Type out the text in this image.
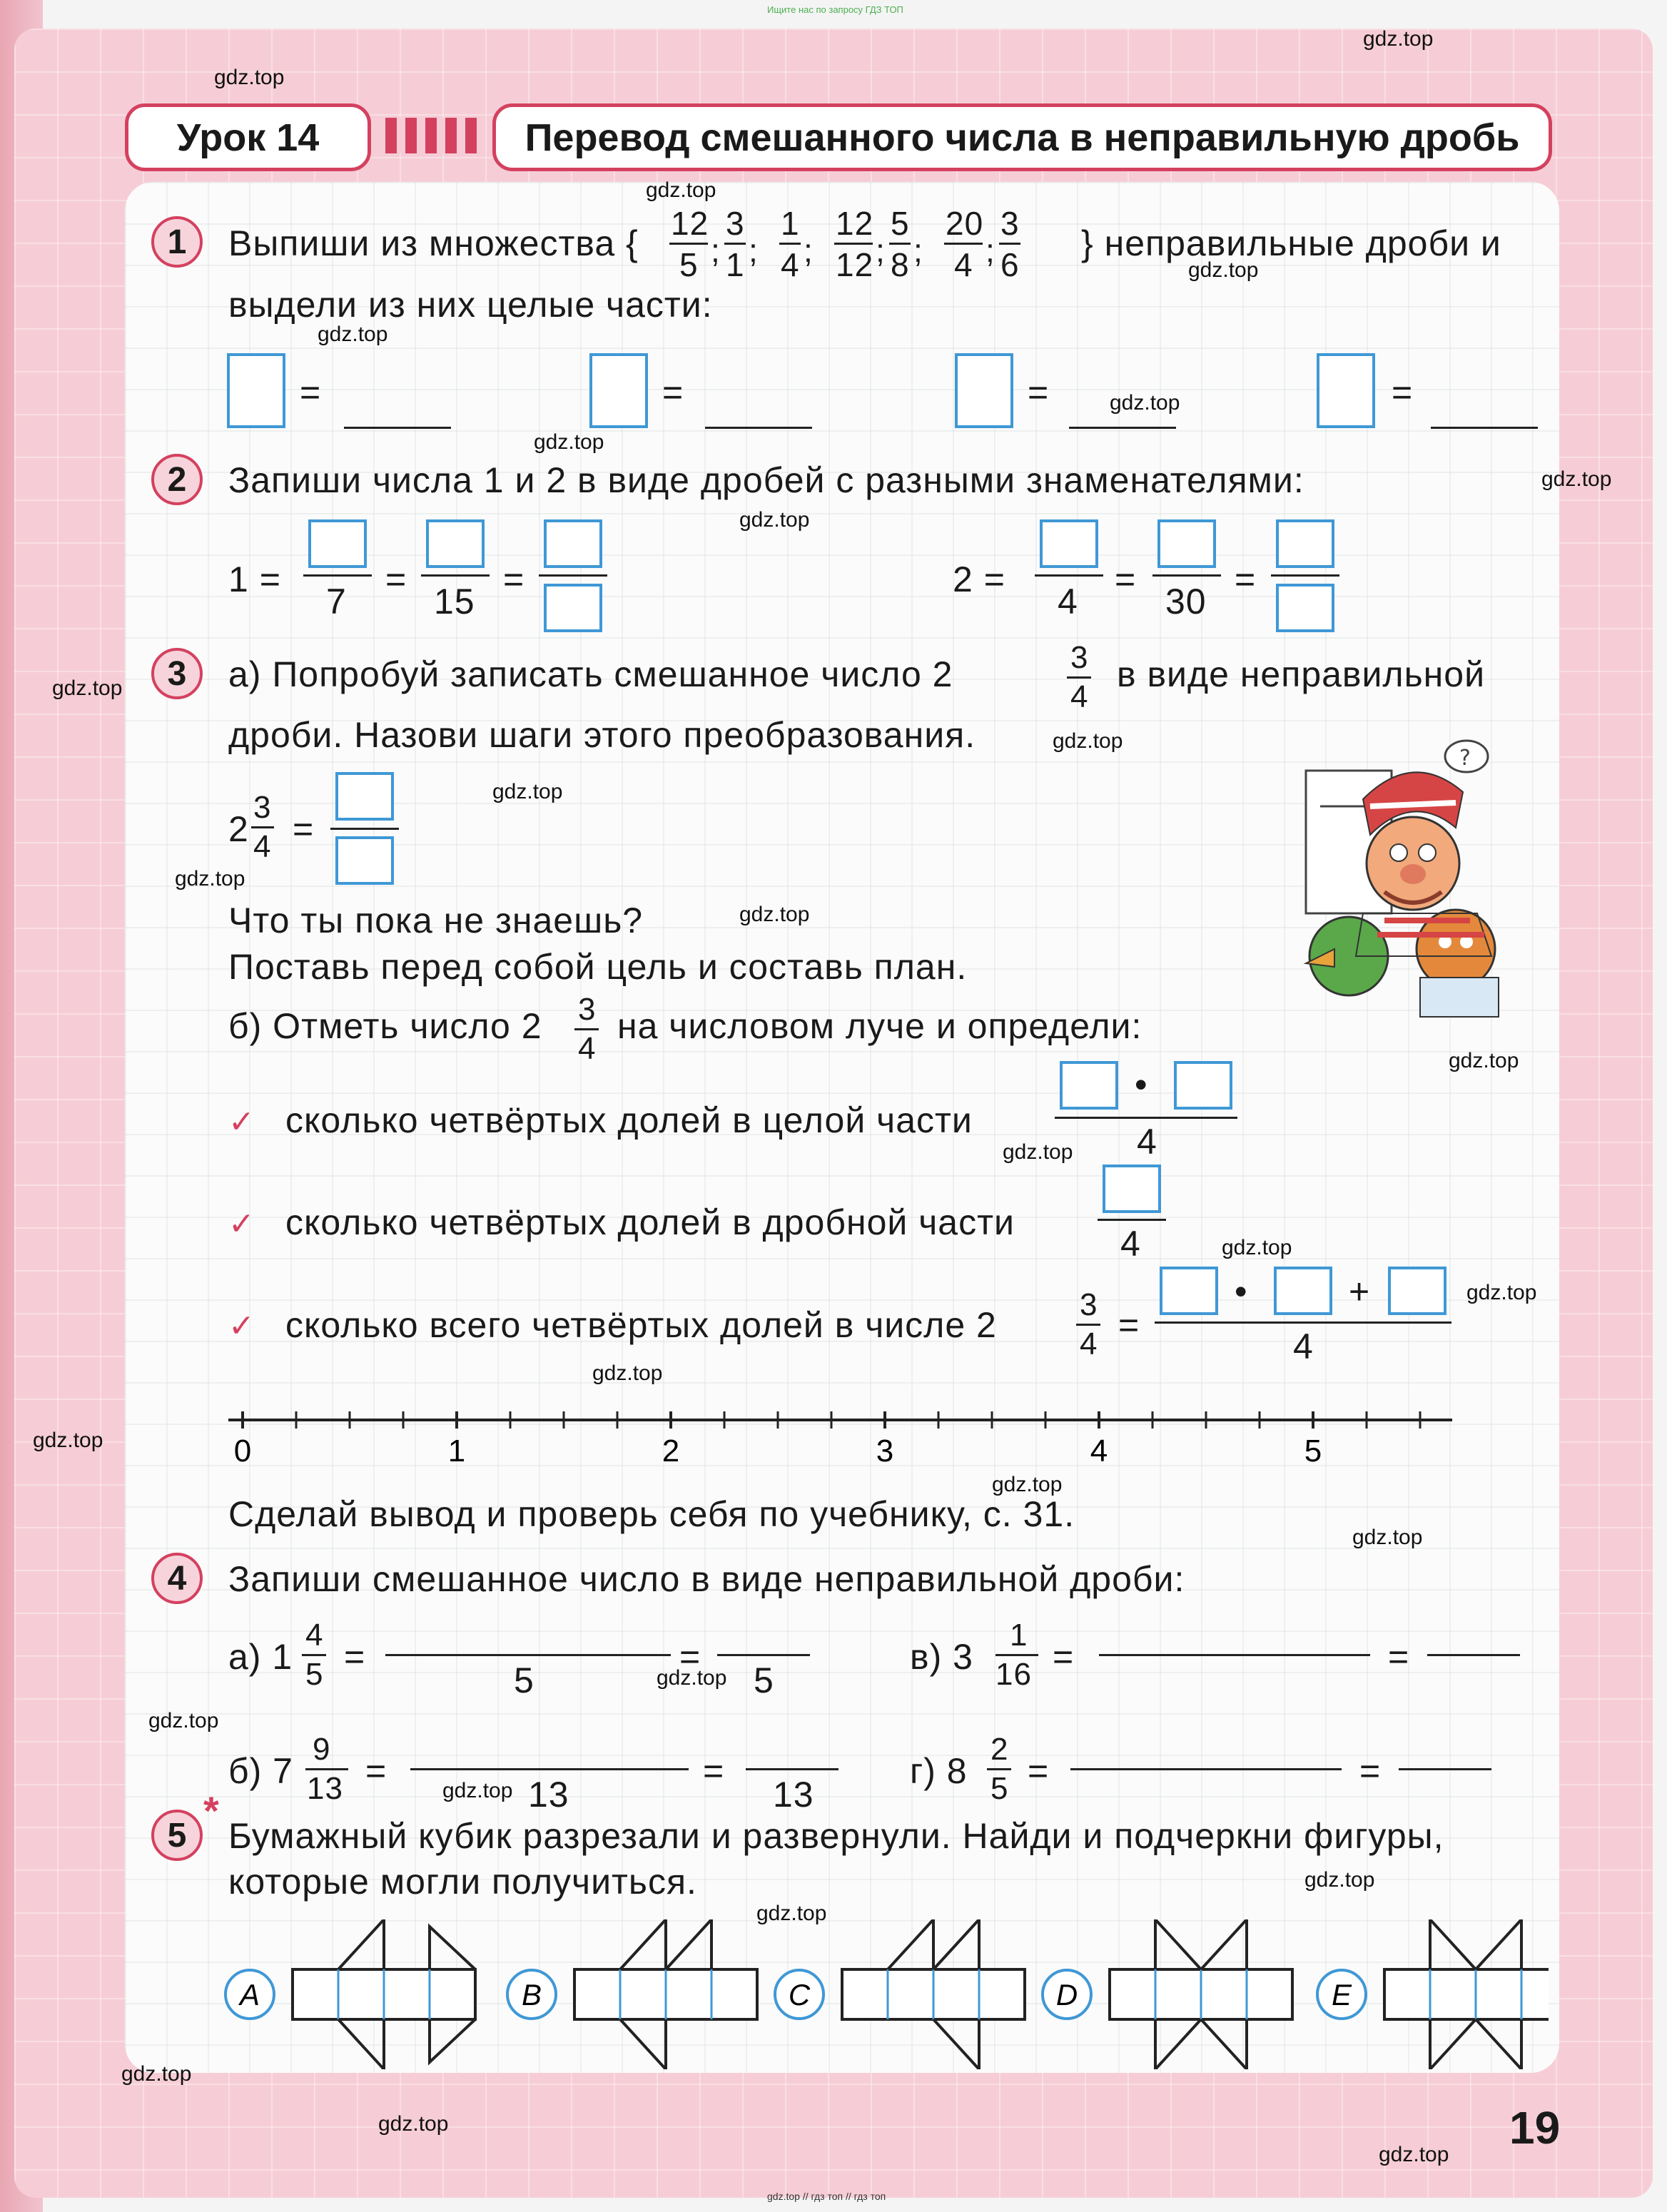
Ищите нас по запросу ГДЗ ТОП
Урок 14	Перевод смешанного числа в неправильную дробь
1	Выпиши из множества { 12
5 ;
3
1 ;
1
4 ;
12
12 ;
5
8 ;
20
4 ;
3
6
} неправильные дроби и
выдели из них целые части:
=	=	=	=
2	Запиши числа 1 и 2 в виде дробей с разными знаменателями:
1 =
7
=
15
=	2 =
4
=
30
=
3	а) Попробуй записать смешанное число 2	3
4
в виде неправильной
дроби. Назови шаги этого преобразования.
2
3
4 =
?
Что ты пока не знаешь?
Поставь перед собой цель и составь план.
б) Отметь число 2 3
4
на числовом луче и определи:
✓ сколько четвёртых долей в целой части
•
4
✓ сколько четвёртых долей в дробной части
4
✓ сколько всего четвёртых долей в числе 2
3
4 =
•	+
4
0	1	2	3	4	5
Сделай вывод и проверь себя по учебнику, с. 31.
4	Запиши смешанное число в виде неправильной дроби:
а) 1
4
5 =
5
=
5
в) 3
1
16 =	=
б) 7
9
13 =
13
=
13
г) 8
2
5 =	=
5
*
Бумажный кубик разрезали и развернули. Найди и подчеркни фигуры,
которые могли получиться.
A	B	C	D	E
19
gdz.top
gdz.top
gdz.top
gdz.top
gdz.top
gdz.top
gdz.top
gdz.top
gdz.top
gdz.top
gdz.top
gdz.top
gdz.top
gdz.top
gdz.top
gdz.top
gdz.top
gdz.top
gdz.top
gdz.top
gdz.top
gdz.top
gdz.top
gdz.top
gdz.top
gdz.top
gdz.top
gdz.top
gdz.top
gdz.top
gdz.top // гдз топ // гдз топ
